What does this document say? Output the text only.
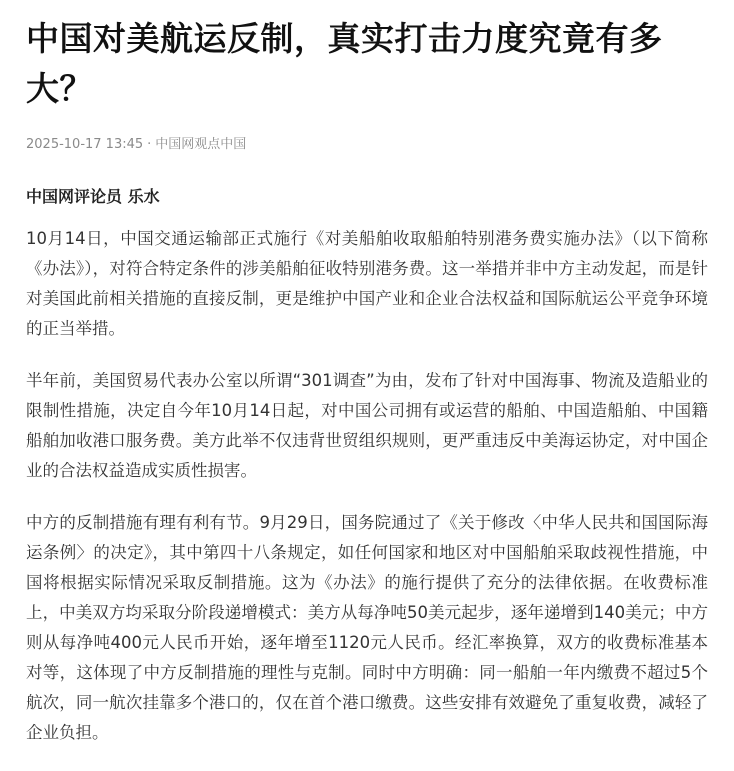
中国对美航运反制，真实打击力度究竟有多大？
2025-10-17 13:45 · 中国网观点中国
中国网评论员 乐水

10月14日，中国交通运输部正式施行《对美船舶收取船舶特别港务费实施办法》（以下简称《办法》），对符合特定条件的涉美船舶征收特别港务费。这一举措并非中方主动发起，而是针对美国此前相关措施的直接反制，更是维护中国产业和企业合法权益和国际航运公平竞争环境的正当举措。

半年前，美国贸易代表办公室以所谓“301调查”为由，发布了针对中国海事、物流及造船业的限制性措施，决定自今年10月14日起，对中国公司拥有或运营的船舶、中国造船舶、中国籍船舶加收港口服务费。美方此举不仅违背世贸组织规则，更严重违反中美海运协定，对中国企业的合法权益造成实质性损害。

中方的反制措施有理有利有节。9月29日，国务院通过了《关于修改〈中华人民共和国国际海运条例〉的决定》，其中第四十八条规定，如任何国家和地区对中国船舶采取歧视性措施，中国将根据实际情况采取反制措施。这为《办法》的施行提供了充分的法律依据。在收费标准上，中美双方均采取分阶段递增模式：美方从每净吨50美元起步，逐年递增到140美元；中方则从每净吨400元人民币开始，逐年增至1120元人民币。经汇率换算，双方的收费标准基本对等，这体现了中方反制措施的理性与克制。同时中方明确：同一船舶一年内缴费不超过5个航次，同一航次挂靠多个港口的，仅在首个港口缴费。这些安排有效避免了重复收费，减轻了企业负担。
